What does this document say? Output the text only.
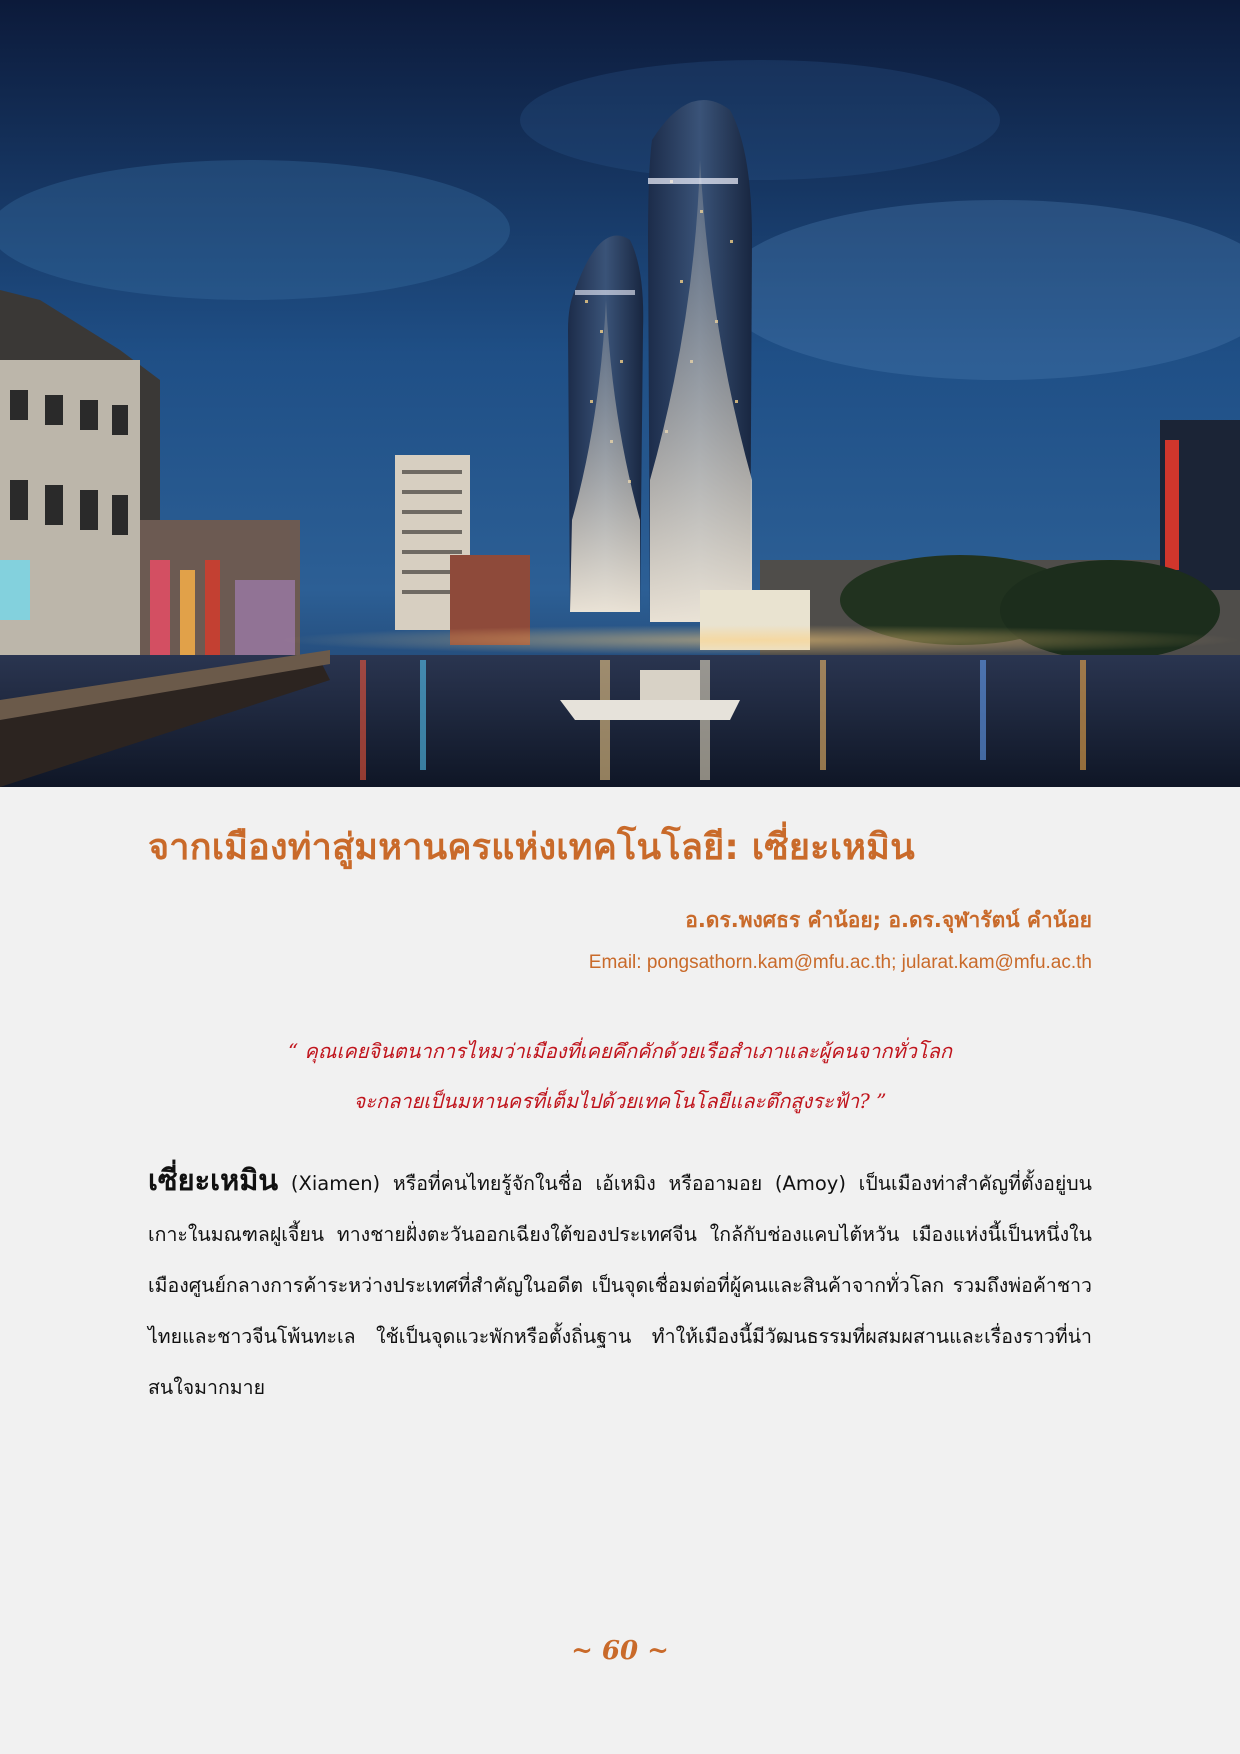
จากเมืองท่าสู่มหานครแห่งเทคโนโลยี: เซี่ยะเหมิน
อ.ดร.พงศธร คำน้อย; อ.ดร.จุฬารัตน์ คำน้อย
Email: pongsathorn.kam@mfu.ac.th; jularat.kam@mfu.ac.th
“ คุณเคยจินตนาการไหมว่าเมืองที่เคยคึกคักด้วยเรือสำเภาและผู้คนจากทั่วโลก
จะกลายเป็นมหานครที่เต็มไปด้วยเทคโนโลยีและตึกสูงระฟ้า? ”
เซี่ยะเหมิน (Xiamen) หรือที่คนไทยรู้จักในชื่อ เอ้เหมิง หรืออามอย (Amoy) เป็นเมืองท่าสำคัญที่ตั้งอยู่บนเกาะในมณฑลฝูเจี้ยน ทางชายฝั่งตะวันออกเฉียงใต้ของประเทศจีน ใกล้กับช่องแคบไต้หวัน เมืองแห่งนี้เป็นหนึ่งในเมืองศูนย์กลางการค้าระหว่างประเทศที่สำคัญในอดีต เป็นจุดเชื่อมต่อที่ผู้คนและสินค้าจากทั่วโลก รวมถึงพ่อค้าชาวไทยและชาวจีนโพ้นทะเล ใช้เป็นจุดแวะพักหรือตั้งถิ่นฐาน ทำให้เมืองนี้มีวัฒนธรรมที่ผสมผสานและเรื่องราวที่น่าสนใจมากมาย
~ 60 ~
